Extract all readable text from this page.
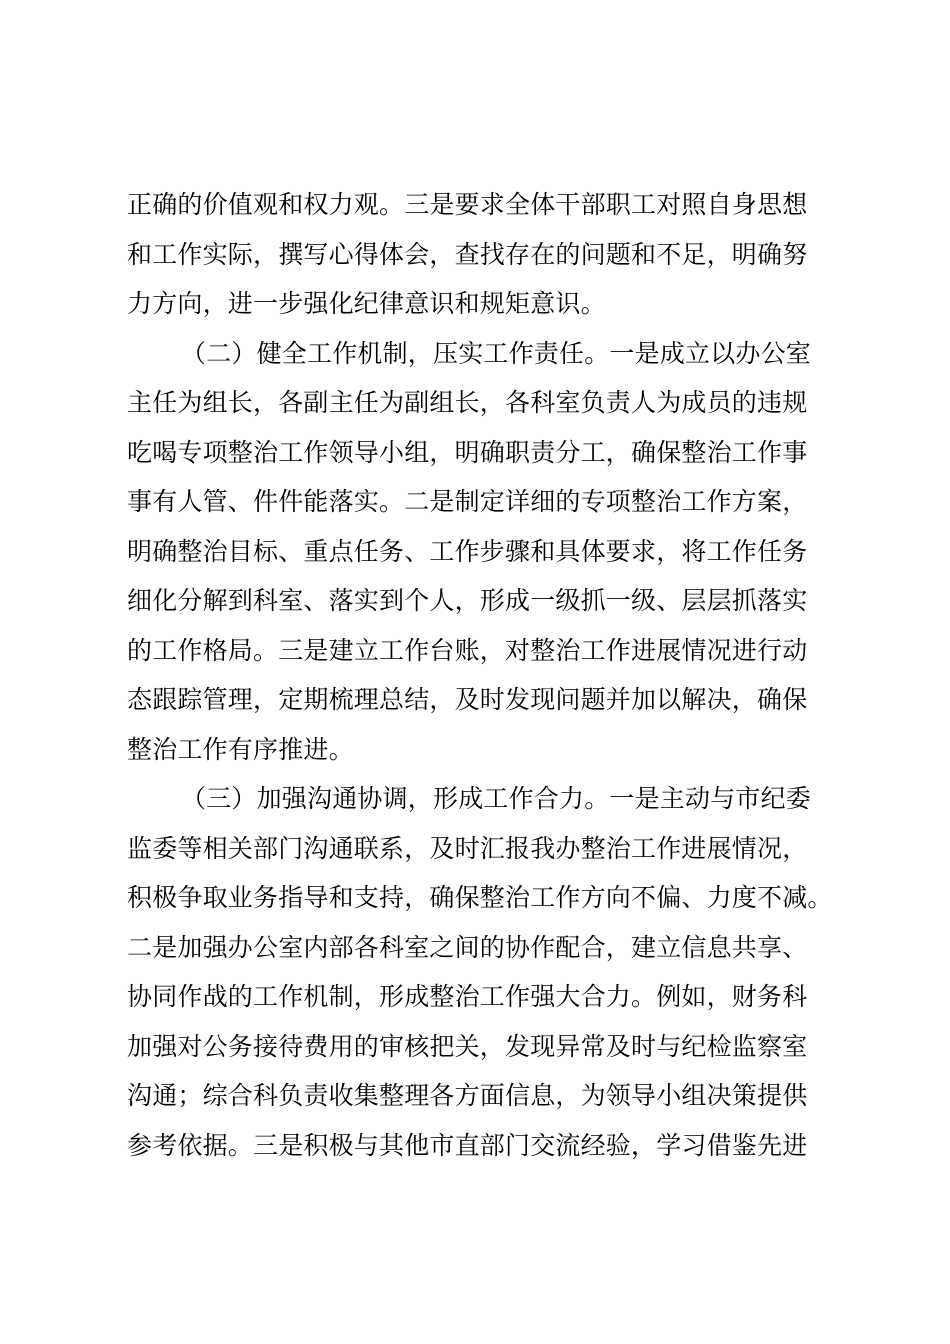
正确的价值观和权力观。三是要求全体干部职工对照自身思想
和工作实际，撰写心得体会，查找存在的问题和不足，明确努
力方向，进一步强化纪律意识和规矩意识。
（二）健全工作机制，压实工作责任。一是成立以办公室
主任为组长，各副主任为副组长，各科室负责人为成员的违规
吃喝专项整治工作领导小组，明确职责分工，确保整治工作事
事有人管、件件能落实。二是制定详细的专项整治工作方案，
明确整治目标、重点任务、工作步骤和具体要求，将工作任务
细化分解到科室、落实到个人，形成一级抓一级、层层抓落实
的工作格局。三是建立工作台账，对整治工作进展情况进行动
态跟踪管理，定期梳理总结，及时发现问题并加以解决，确保
整治工作有序推进。
（三）加强沟通协调，形成工作合力。一是主动与市纪委
监委等相关部门沟通联系，及时汇报我办整治工作进展情况，
积极争取业务指导和支持，确保整治工作方向不偏、力度不减。
二是加强办公室内部各科室之间的协作配合，建立信息共享、
协同作战的工作机制，形成整治工作强大合力。例如，财务科
加强对公务接待费用的审核把关，发现异常及时与纪检监察室
沟通；综合科负责收集整理各方面信息，为领导小组决策提供
参考依据。三是积极与其他市直部门交流经验，学习借鉴先进
